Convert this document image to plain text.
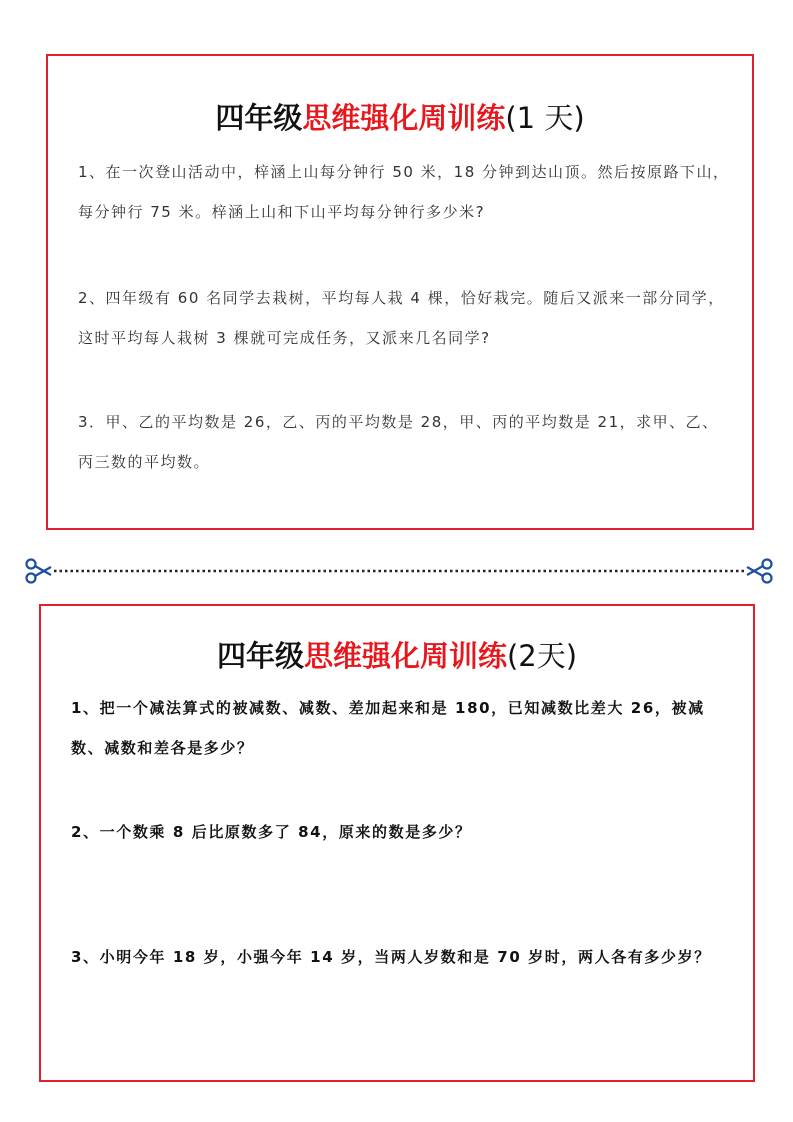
四年级思维强化周训练(1 天)
1、在一次登山活动中，梓涵上山每分钟行 50 米，18 分钟到达山顶。然后按原路下山，每分钟行 75 米。梓涵上山和下山平均每分钟行多少米?
2、四年级有 60 名同学去栽树，平均每人栽 4 棵，恰好栽完。随后又派来一部分同学，这时平均每人栽树 3 棵就可完成任务，又派来几名同学?
3．甲、乙的平均数是 26，乙、丙的平均数是 28，甲、丙的平均数是 21，求甲、乙、丙三数的平均数。
四年级思维强化周训练(2天)
1、把一个减法算式的被减数、减数、差加起来和是 180，已知减数比差大 26，被减数、减数和差各是多少？
2、一个数乘 8 后比原数多了 84，原来的数是多少？
3、小明今年 18 岁，小强今年 14 岁，当两人岁数和是 70 岁时，两人各有多少岁？
